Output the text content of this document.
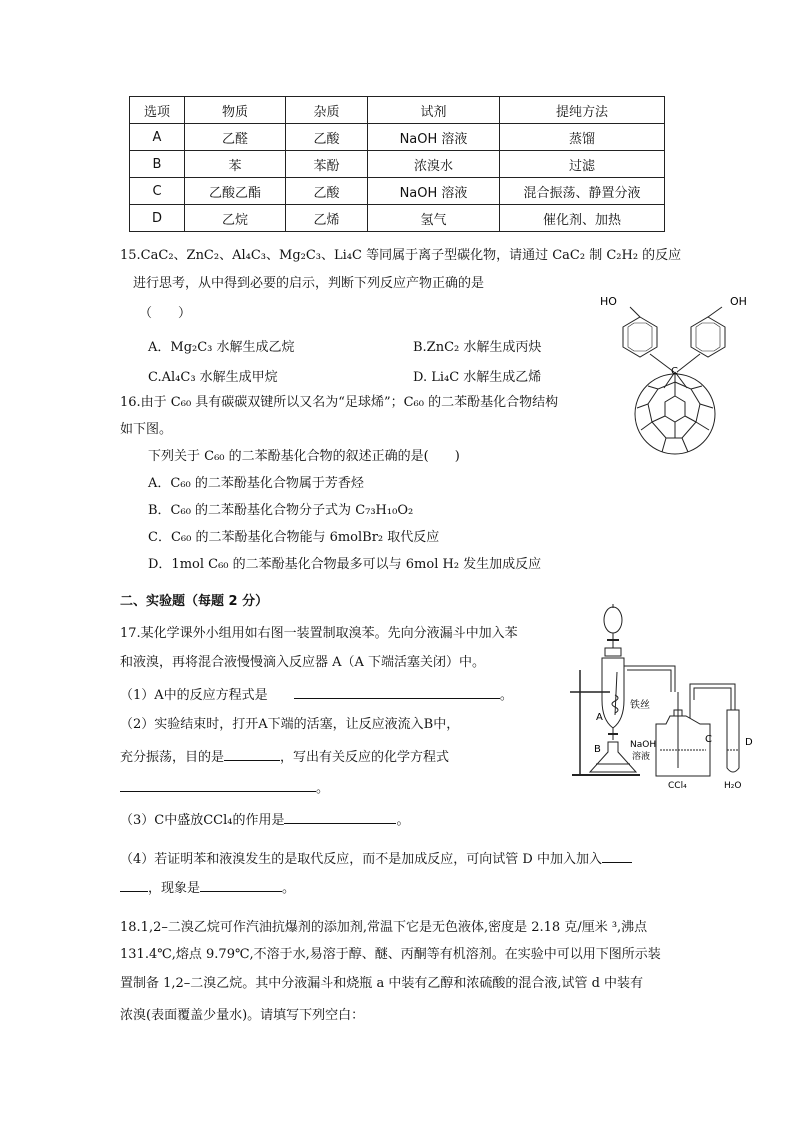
选项	物质	杂质	试剂	提纯方法
A	乙醛	乙酸	NaOH 溶液	蒸馏
B	苯	苯酚	浓溴水	过滤
C	乙酸乙酯	乙酸	NaOH 溶液	混合振荡、静置分液
D	乙烷	乙烯	氢气	催化剂、加热
15.CaC₂、ZnC₂、Al₄C₃、Mg₂C₃、Li₄C 等同属于离子型碳化物，请通过 CaC₂ 制 C₂H₂ 的反应
进行思考，从中得到必要的启示，判断下列反应产物正确的是
（　　）
A．Mg₂C₃ 水解生成乙烷	B.ZnC₂ 水解生成丙炔
C.Al₄C₃ 水解生成甲烷	D. Li₄C 水解生成乙烯
16.由于 C₆₀ 具有碳碳双键所以又名为“足球烯”；C₆₀ 的二苯酚基化合物结构
如下图。
下列关于 C₆₀ 的二苯酚基化合物的叙述正确的是(　　)
A．C₆₀ 的二苯酚基化合物属于芳香烃
B．C₆₀ 的二苯酚基化合物分子式为 C₇₃H₁₀O₂
C．C₆₀ 的二苯酚基化合物能与 6molBr₂ 取代反应
D．1mol C₆₀ 的二苯酚基化合物最多可以与 6mol H₂ 发生加成反应
HO	OH
C
二、实验题（每题 2 分）
17.某化学课外小组用如右图一装置制取溴苯。先向分液漏斗中加入苯
和液溴，再将混合液慢慢滴入反应器 A（A 下端活塞关闭）中。
（1）A中的反应方程式是	。
（2）实验结束时，打开A下端的活塞，让反应液流入B中，
充分振荡，目的是	，写出有关反应的化学方程式
。
（3）C中盛放CCl₄的作用是	。
（4）若证明苯和液溴发生的是取代反应，而不是加成反应，可向试管 D 中加入加入
，现象是	。
铁丝
A
NaOH
溶液
B
C
CCl₄
D
H₂O
18.1,2–二溴乙烷可作汽油抗爆剂的添加剂,常温下它是无色液体,密度是 2.18 克/厘米 ³,沸点
131.4℃,熔点 9.79℃,不溶于水,易溶于醇、醚、丙酮等有机溶剂。在实验中可以用下图所示装
置制备 1,2–二溴乙烷。其中分液漏斗和烧瓶 a 中装有乙醇和浓硫酸的混合液,试管 d 中装有
浓溴(表面覆盖少量水)。请填写下列空白：
